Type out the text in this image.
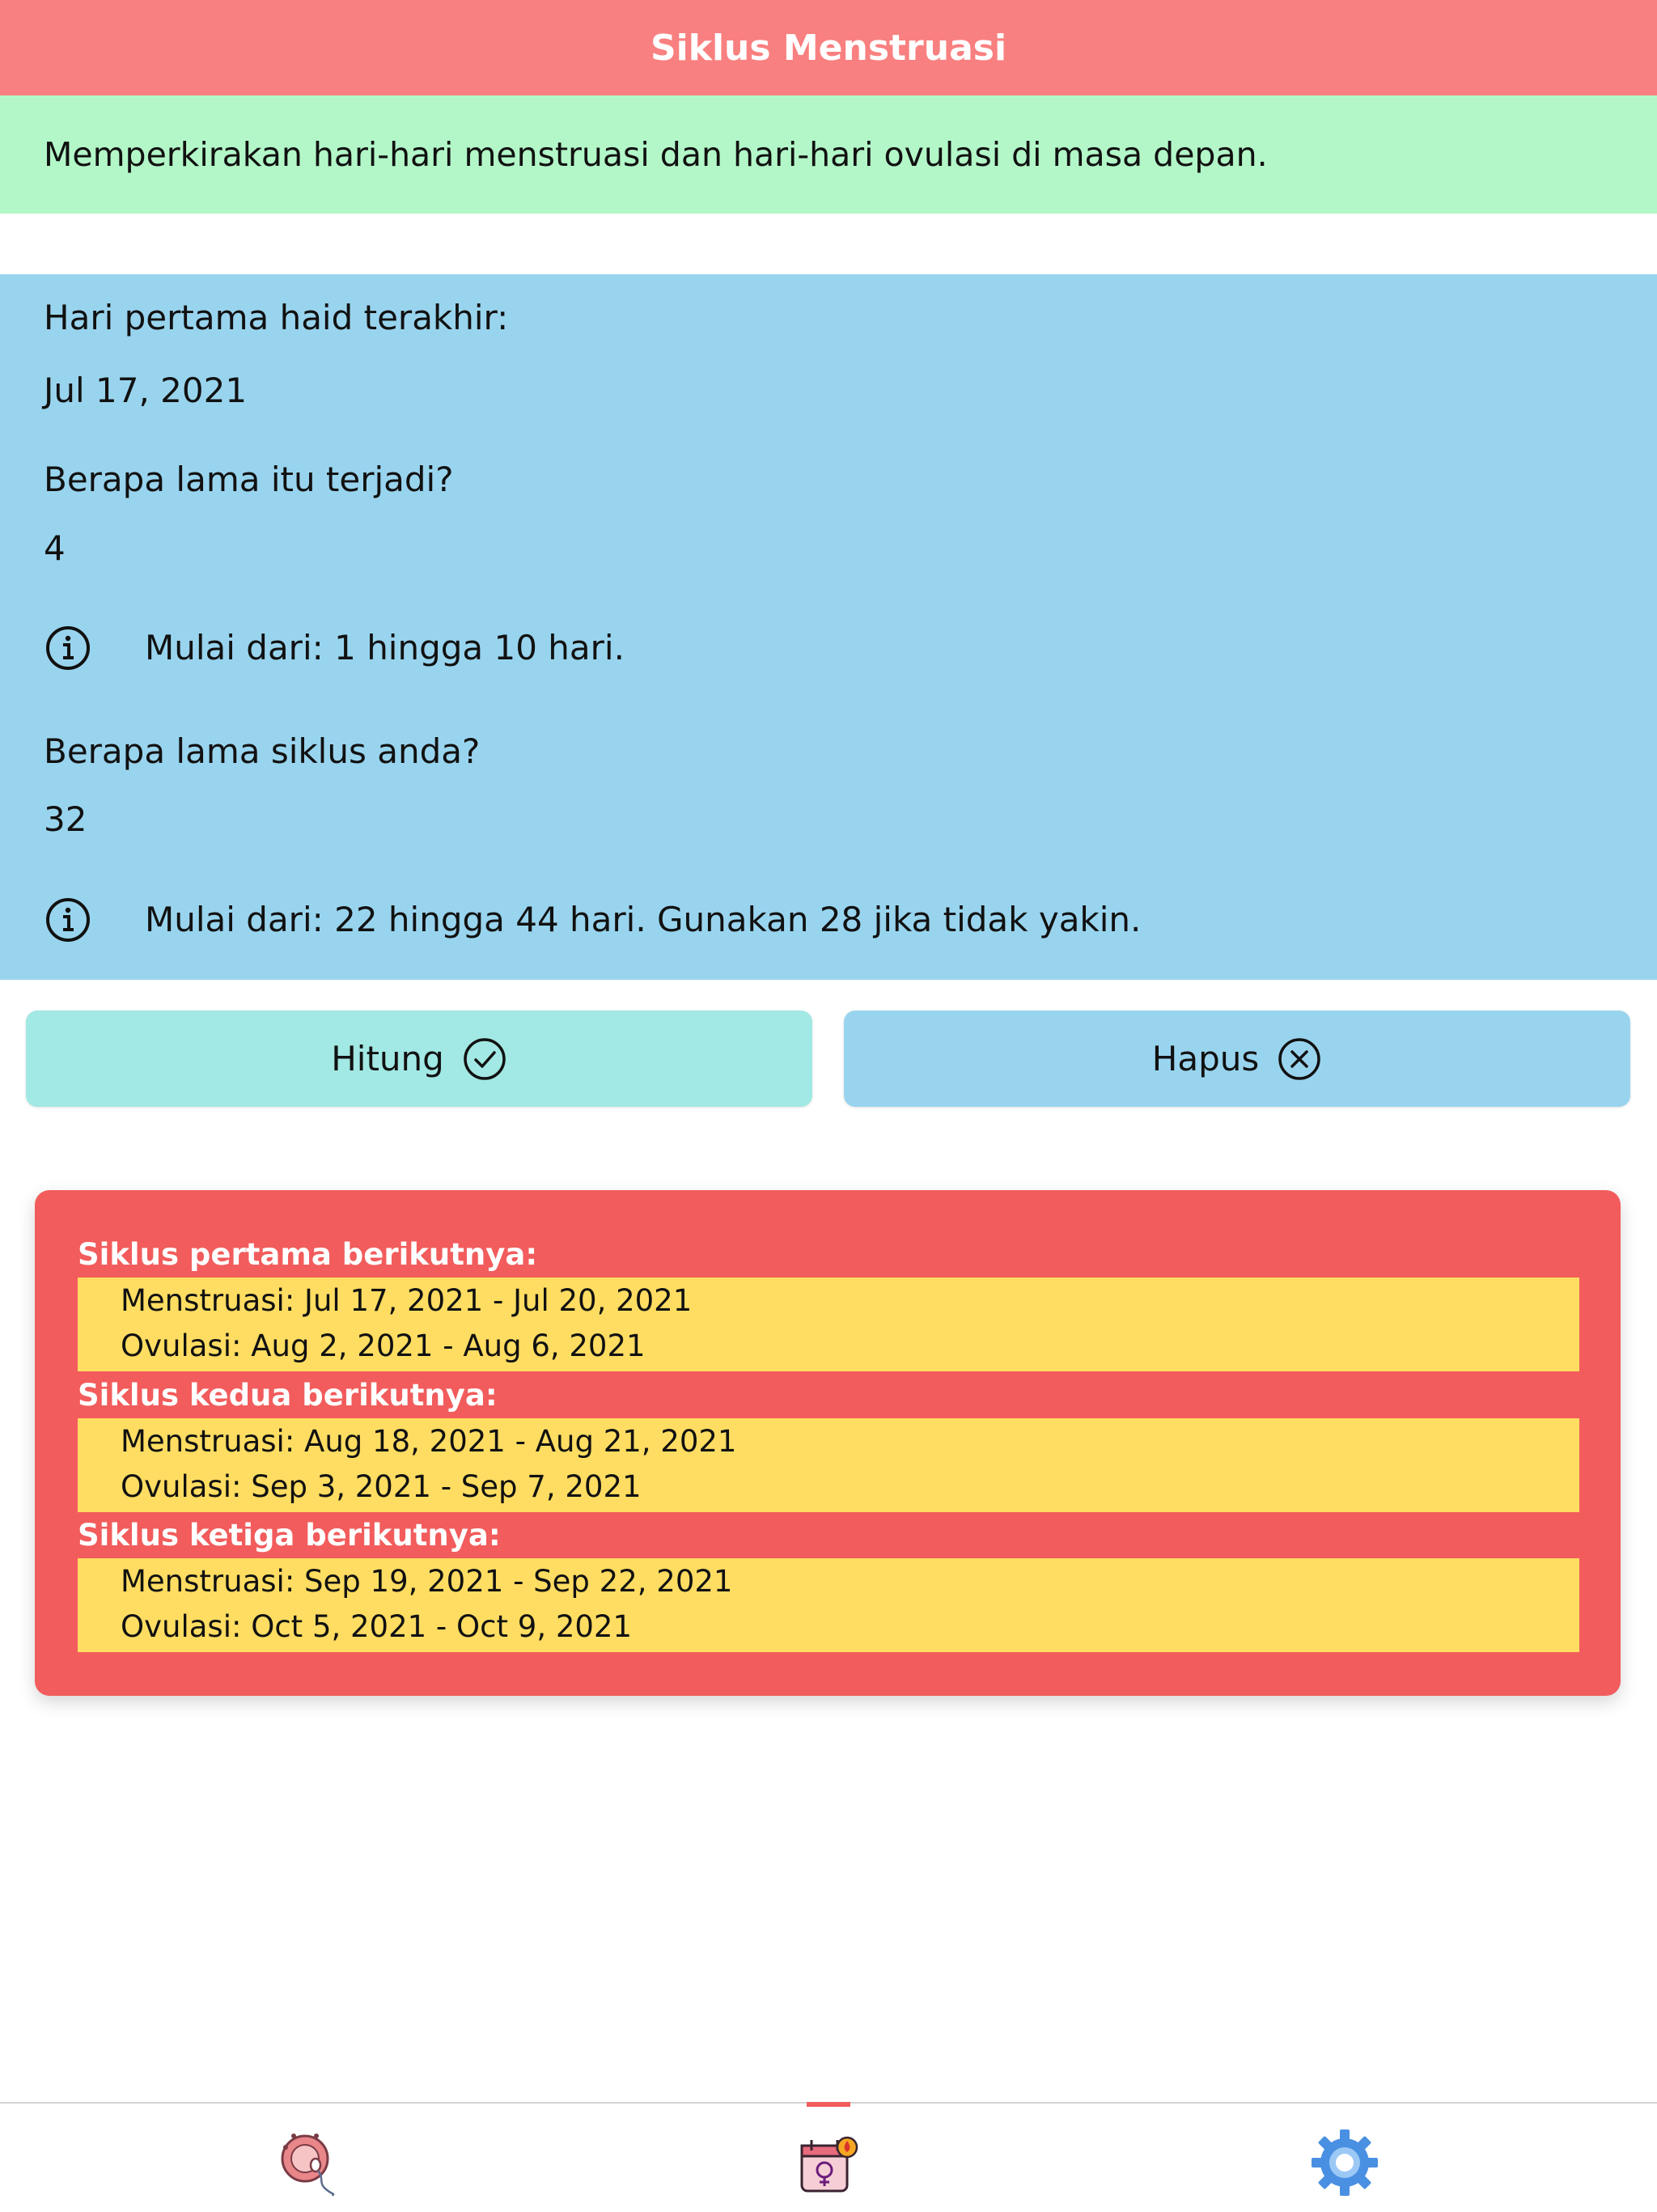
Siklus Menstruasi
Memperkirakan hari-hari menstruasi dan hari-hari ovulasi di masa depan.
Hari pertama haid terakhir:
Jul 17, 2021
Berapa lama itu terjadi?
4
Mulai dari: 1 hingga 10 hari.
Berapa lama siklus anda?
32
Mulai dari: 22 hingga 44 hari. Gunakan 28 jika tidak yakin.
Hitung	Hapus
Siklus pertama berikutnya:
Menstruasi: Jul 17, 2021 - Jul 20, 2021
Ovulasi: Aug 2, 2021 - Aug 6, 2021
Siklus kedua berikutnya:
Menstruasi: Aug 18, 2021 - Aug 21, 2021
Ovulasi: Sep 3, 2021 - Sep 7, 2021
Siklus ketiga berikutnya:
Menstruasi: Sep 19, 2021 - Sep 22, 2021
Ovulasi: Oct 5, 2021 - Oct 9, 2021
